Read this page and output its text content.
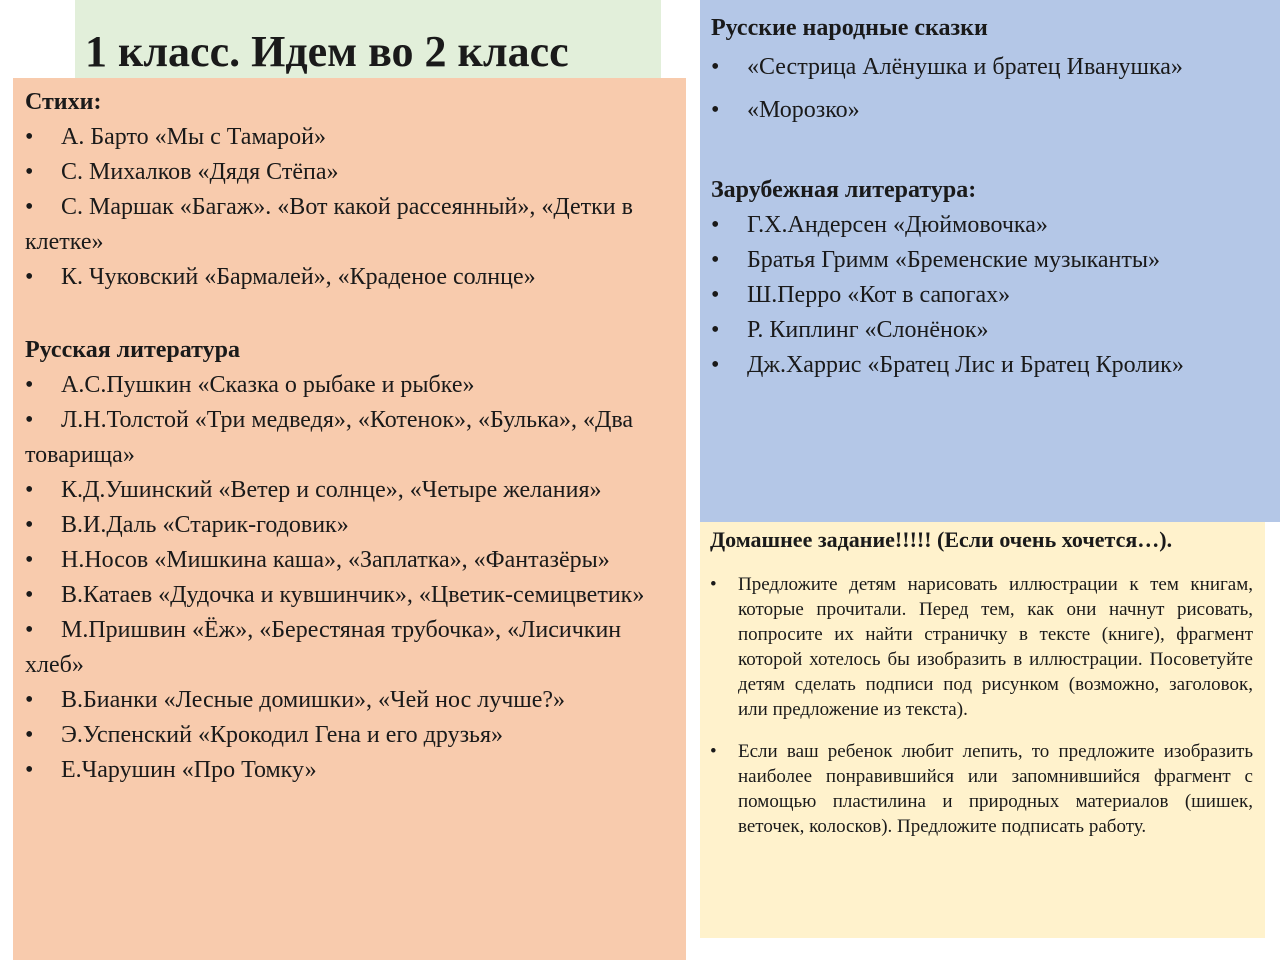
1 класс. Идем во 2 класс
Стихи:
• А. Барто «Мы с Тамарой»
• С. Михалков «Дядя Стёпа»
• С. Маршак «Багаж». «Вот какой рассеянный», «Детки в клетке»
• К. Чуковский «Бармалей», «Краденое солнце»
Русская литература
• А.С.Пушкин «Сказка о рыбаке и рыбке»
• Л.Н.Толстой «Три медведя», «Котенок», «Булька», «Два товарища»
• К.Д.Ушинский «Ветер и солнце», «Четыре желания»
• В.И.Даль «Старик-годовик»
• Н.Носов «Мишкина каша», «Заплатка», «Фантазёры»
• В.Катаев «Дудочка и кувшинчик», «Цветик-семицветик»
• М.Пришвин «Ёж», «Берестяная трубочка», «Лисичкин хлеб»
• В.Бианки «Лесные домишки», «Чей нос лучше?»
• Э.Успенский «Крокодил Гена и его друзья»
• Е.Чарушин «Про Томку»
Русские народные сказки
• «Сестрица Алёнушка и братец Иванушка»
• «Морозко»
Зарубежная литература:
• Г.Х.Андерсен «Дюймовочка»
• Братья Гримм «Бременские музыканты»
• Ш.Перро «Кот в сапогах»
• Р. Киплинг «Слонёнок»
• Дж.Харрис «Братец Лис и Братец Кролик»
Домашнее задание!!!!! (Если очень хочется…).
• Предложите детям нарисовать иллюстрации к тем книгам, которые прочитали. Перед тем, как они начнут рисовать, попросите их найти страничку в тексте (книге), фрагмент которой хотелось бы изобразить в иллюстрации. Посоветуйте детям сделать подписи под рисунком (возможно, заголовок, или предложение из текста).
• Если ваш ребенок любит лепить, то предложите изобразить наиболее понравившийся или запомнившийся фрагмент с помощью пластилина и природных материалов (шишек, веточек, колосков). Предложите подписать работу.
